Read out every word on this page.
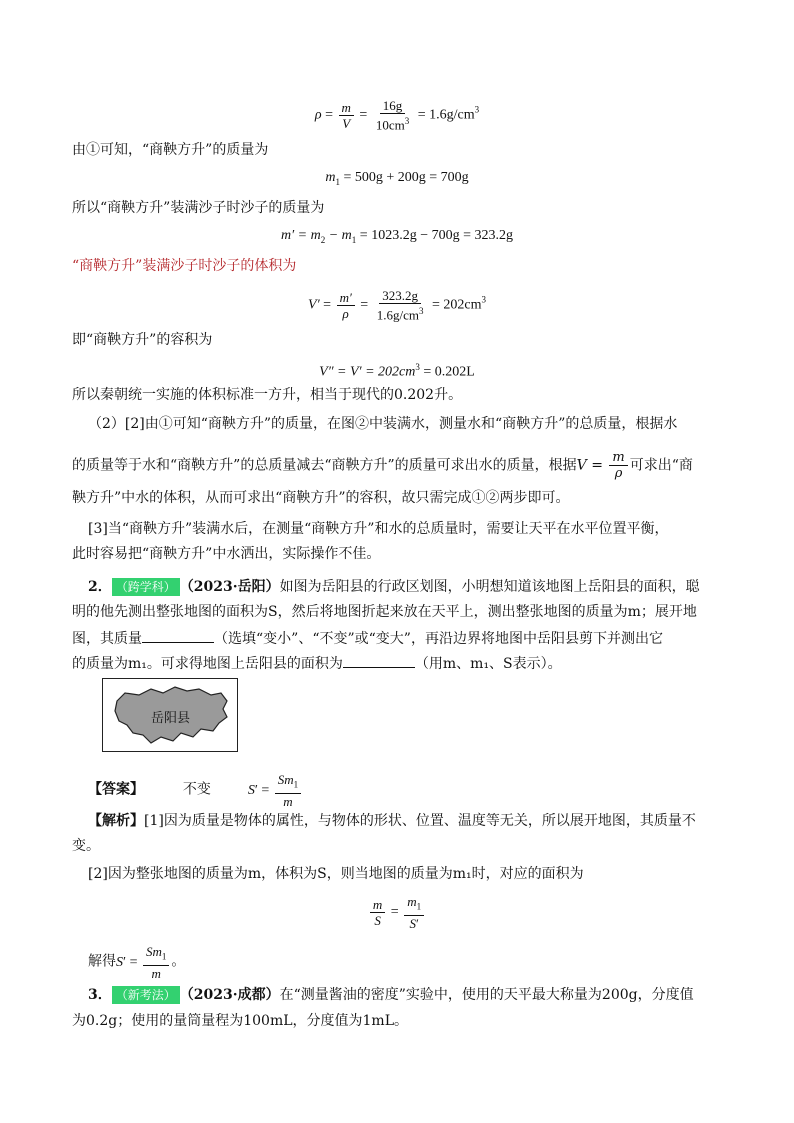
$\rho = \frac{m}{V} = \frac{16g}{10cm^3} = 1.6g/cm^3$
由①可知，“商鞅方升”的质量为
$m_1 = 500g + 200g = 700g$
所以“商鞅方升”装满沙子时沙子的质量为
$m' = m_2 - m_1 = 1023.2g - 700g = 323.2g$
“商鞅方升”装满沙子时沙子的体积为
$V' = \frac{m'}{\rho} = \frac{323.2g}{1.6g/cm^3} = 202cm^3$
即“商鞅方升”的容积为
$V'' = V' = 202cm^3 = 0.202L$
所以秦朝统一实施的体积标准一方升，相当于现代的0.202升。
（2）[2]由①可知“商鞅方升”的质量，在图②中装满水，测量水和“商鞅方升”的总质量，根据水
的质量等于水和“商鞅方升”的总质量减去“商鞅方升”的质量可求出水的质量，根据$V = \frac{m}{\rho}$ 可求出“商
鞅方升”中水的体积，从而可求出“商鞅方升”的容积，故只需完成①②两步即可。
[3]当“商鞅方升”装满水后，在测量“商鞅方升”和水的总质量时，需要让天平在水平位置平衡，
此时容易把“商鞅方升”中水洒出，实际操作不佳。
2． （跨学科） （2023·岳阳）如图为岳阳县的行政区划图，小明想知道该地图上岳阳县的面积，聪
明的他先测出整张地图的面积为S，然后将地图折起来放在天平上，测出整张地图的质量为m；展开地
图，其质量	（选填“变小”、“不变”或“变大”，再沿边界将地图中岳阳县剪下并测出它
的质量为m₁。可求得地图上岳阳县的面积为	（用m、m₁、S表示）。
岳阳县
【答案】	不变	$S' = \frac{Sm_1}{m}$
【解析】[1]因为质量是物体的属性，与物体的形状、位置、温度等无关，所以展开地图，其质量不
变。
[2]因为整张地图的质量为m，体积为S，则当地图的质量为m₁时，对应的面积为
$\frac{m}{S} = \frac{m_1}{S'}$
解得$S' = \frac{Sm_1}{m}$ 。
3． （新考法） （2023·成都）在“测量酱油的密度”实验中，使用的天平最大称量为200g，分度值
为0.2g；使用的量筒量程为100mL，分度值为1mL。
